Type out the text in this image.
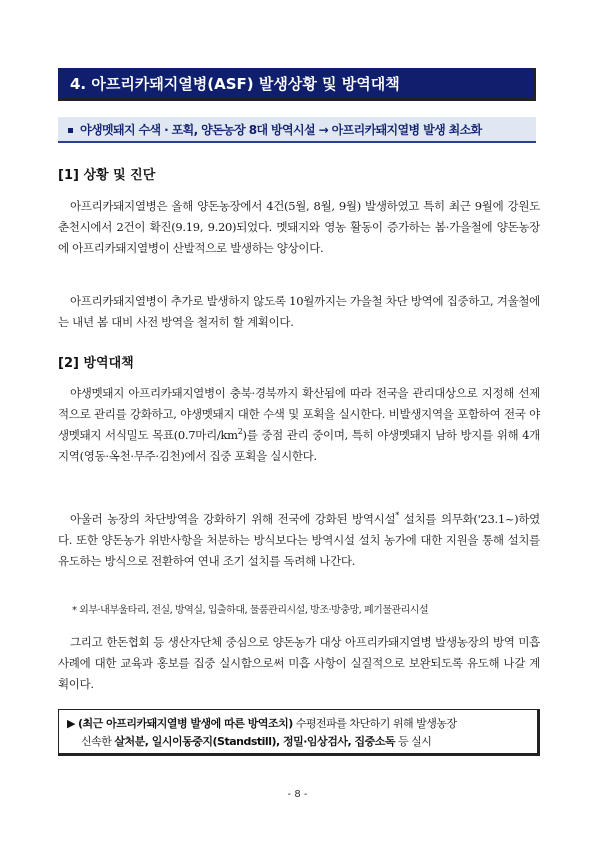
4. 아프리카돼지열병(ASF) 발생상황 및 방역대책
야생멧돼지 수색 · 포획, 양돈농장 8대 방역시설 → 아프리카돼지열병 발생 최소화
[1] 상황 및 진단
아프리카돼지열병은 올해 양돈농장에서 4건(5월, 8월, 9월) 발생하였고 특히 최근 9월에 강원도 춘천시에서 2건이 확진(9.19, 9.20)되었다. 멧돼지와 영농 활동이 증가하는 봄·가을철에 양돈농장에 아프리카돼지열병이 산발적으로 발생하는 양상이다.
아프리카돼지열병이 추가로 발생하지 않도록 10월까지는 가을철 차단 방역에 집중하고, 겨울철에는 내년 봄 대비 사전 방역을 철저히 할 계획이다.
[2] 방역대책
야생멧돼지 아프리카돼지열병이 충북·경북까지 확산됨에 따라 전국을 관리대상으로 지정해 선제적으로 관리를 강화하고, 야생멧돼지 대한 수색 및 포획을 실시한다. 비발생지역을 포함하여 전국 야생멧돼지 서식밀도 목표(0.7마리$/km^2$)를 중점 관리 중이며, 특히 야생멧돼지 남하 방지를 위해 4개 지역(영동·옥천·무주·김천)에서 집중 포획을 실시한다.
아울러 농장의 차단방역을 강화하기 위해 전국에 강화된 방역시설* 설치를 의무화('23.1~)하였다. 또한 양돈농가 위반사항을 처분하는 방식보다는 방역시설 설치 농가에 대한 지원을 통해 설치를 유도하는 방식으로 전환하여 연내 조기 설치를 독려해 나간다.
* 외부·내부울타리, 전실, 방역실, 입출하대, 물품관리시설, 방조·방충망, 폐기물관리시설
그리고 한돈협회 등 생산자단체 중심으로 양돈농가 대상 아프리카돼지열병 발생농장의 방역 미흡사례에 대한 교육과 홍보를 집중 실시함으로써 미흡 사항이 실질적으로 보완되도록 유도해 나갈 계획이다.
▶ (최근 아프리카돼지열병 발생에 따른 방역조치) 수평전파를 차단하기 위해 발생농장
신속한 살처분, 일시이동중지(Standstill), 정밀·임상검사, 집중소독 등 실시
- 8 -
